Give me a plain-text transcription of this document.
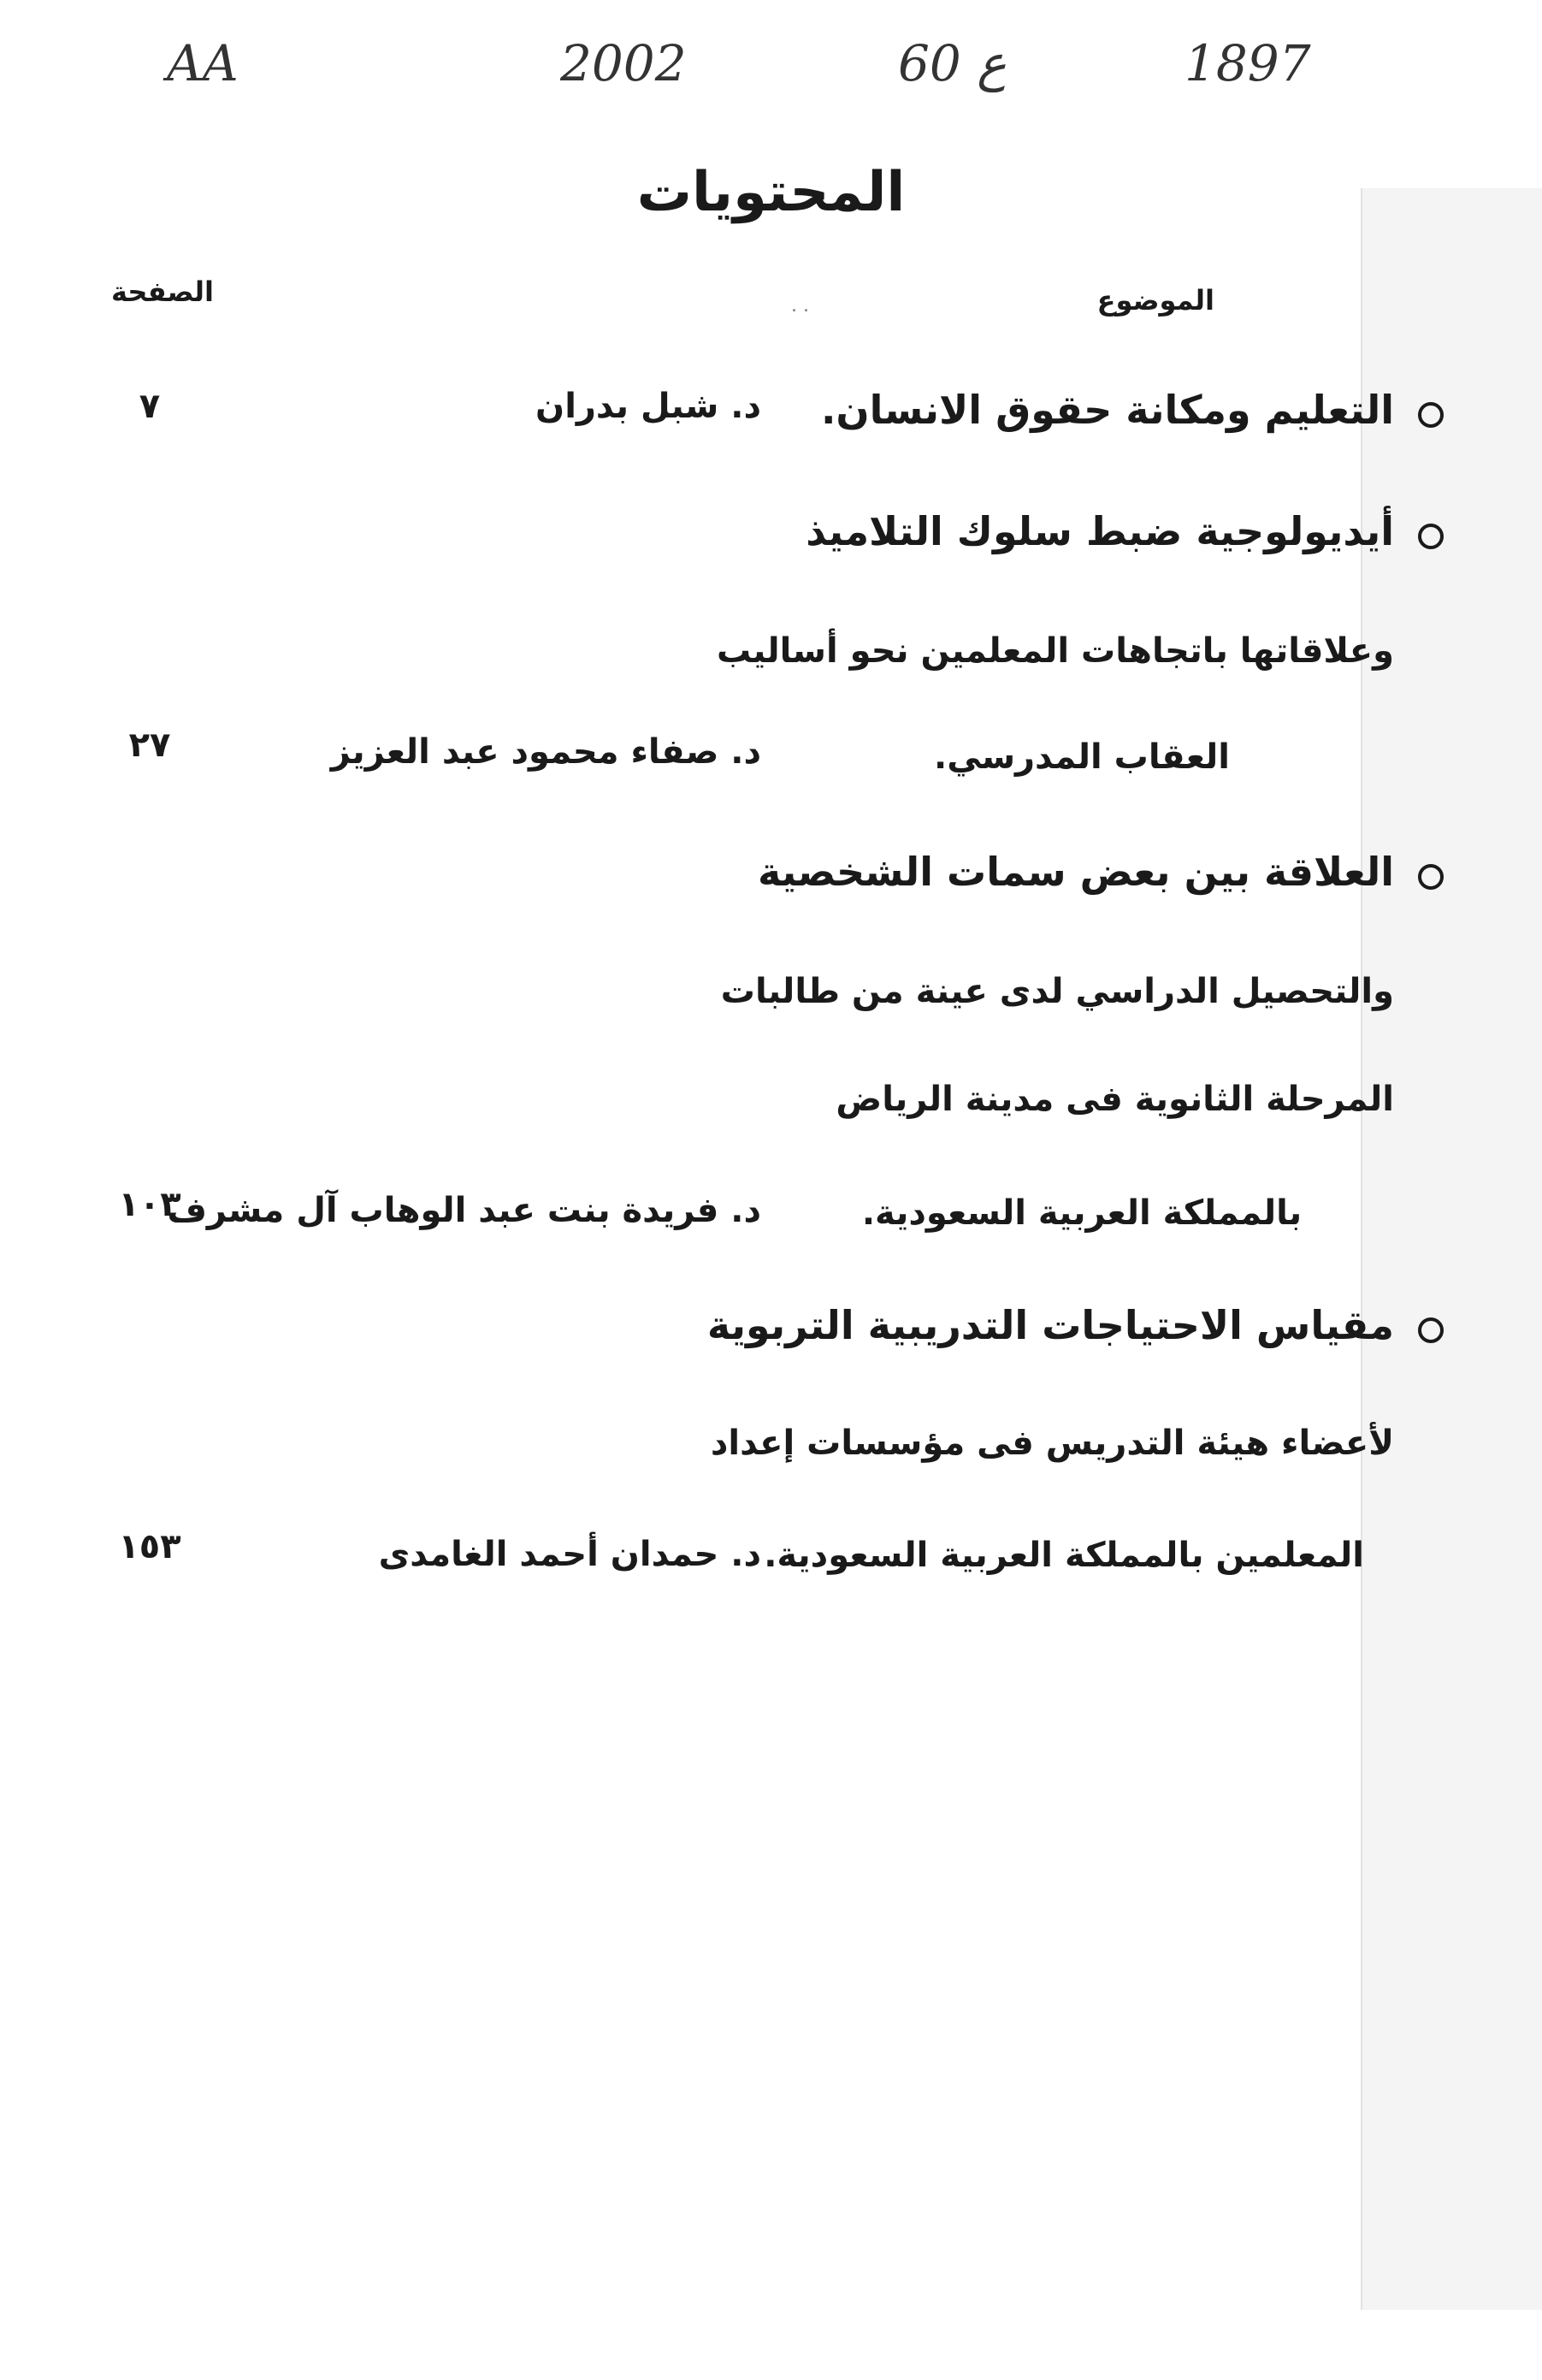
1897
ع 60
2002
AA
المحتويات
الموضوع
الصفحة	. .
التعليم ومكانة حقوق الانسان.
د. شبل بدران
٧
أيديولوجية ضبط سلوك التلاميذ
وعلاقاتها باتجاهات المعلمين نحو أساليب
العقاب المدرسي.
د. صفاء محمود عبد العزيز
٢٧
العلاقة بين بعض سمات الشخصية
والتحصيل الدراسي لدى عينة من طالبات
المرحلة الثانوية فى مدينة الرياض
بالمملكة العربية السعودية.
د. فريدة بنت عبد الوهاب آل مشرف
١٠٣
مقياس الاحتياجات التدريبية التربوية
لأعضاء هيئة التدريس فى مؤسسات إعداد
المعلمين بالمملكة العربية السعودية.
د. حمدان أحمد الغامدى
١٥٣
